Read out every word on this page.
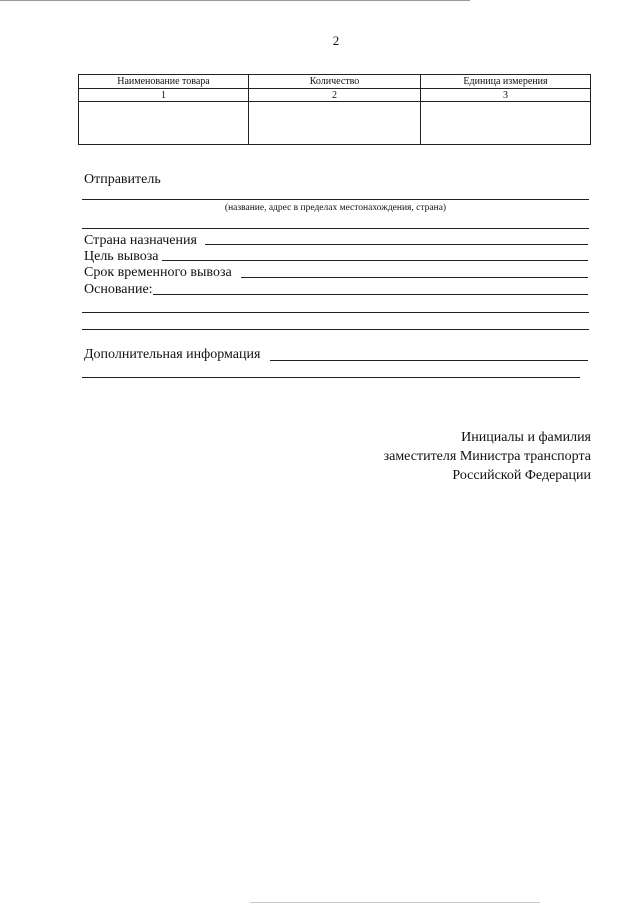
2
Наименование товара	Количество	Единица измерения
1	2	3

Отправитель
(название, адрес в пределах местонахождения, страна)
Страна назначения
Цель вывоза
Срок временного вывоза
Основание:
Дополнительная информация
Инициалы и фамилия
заместителя Министра транспорта
Российской Федерации
